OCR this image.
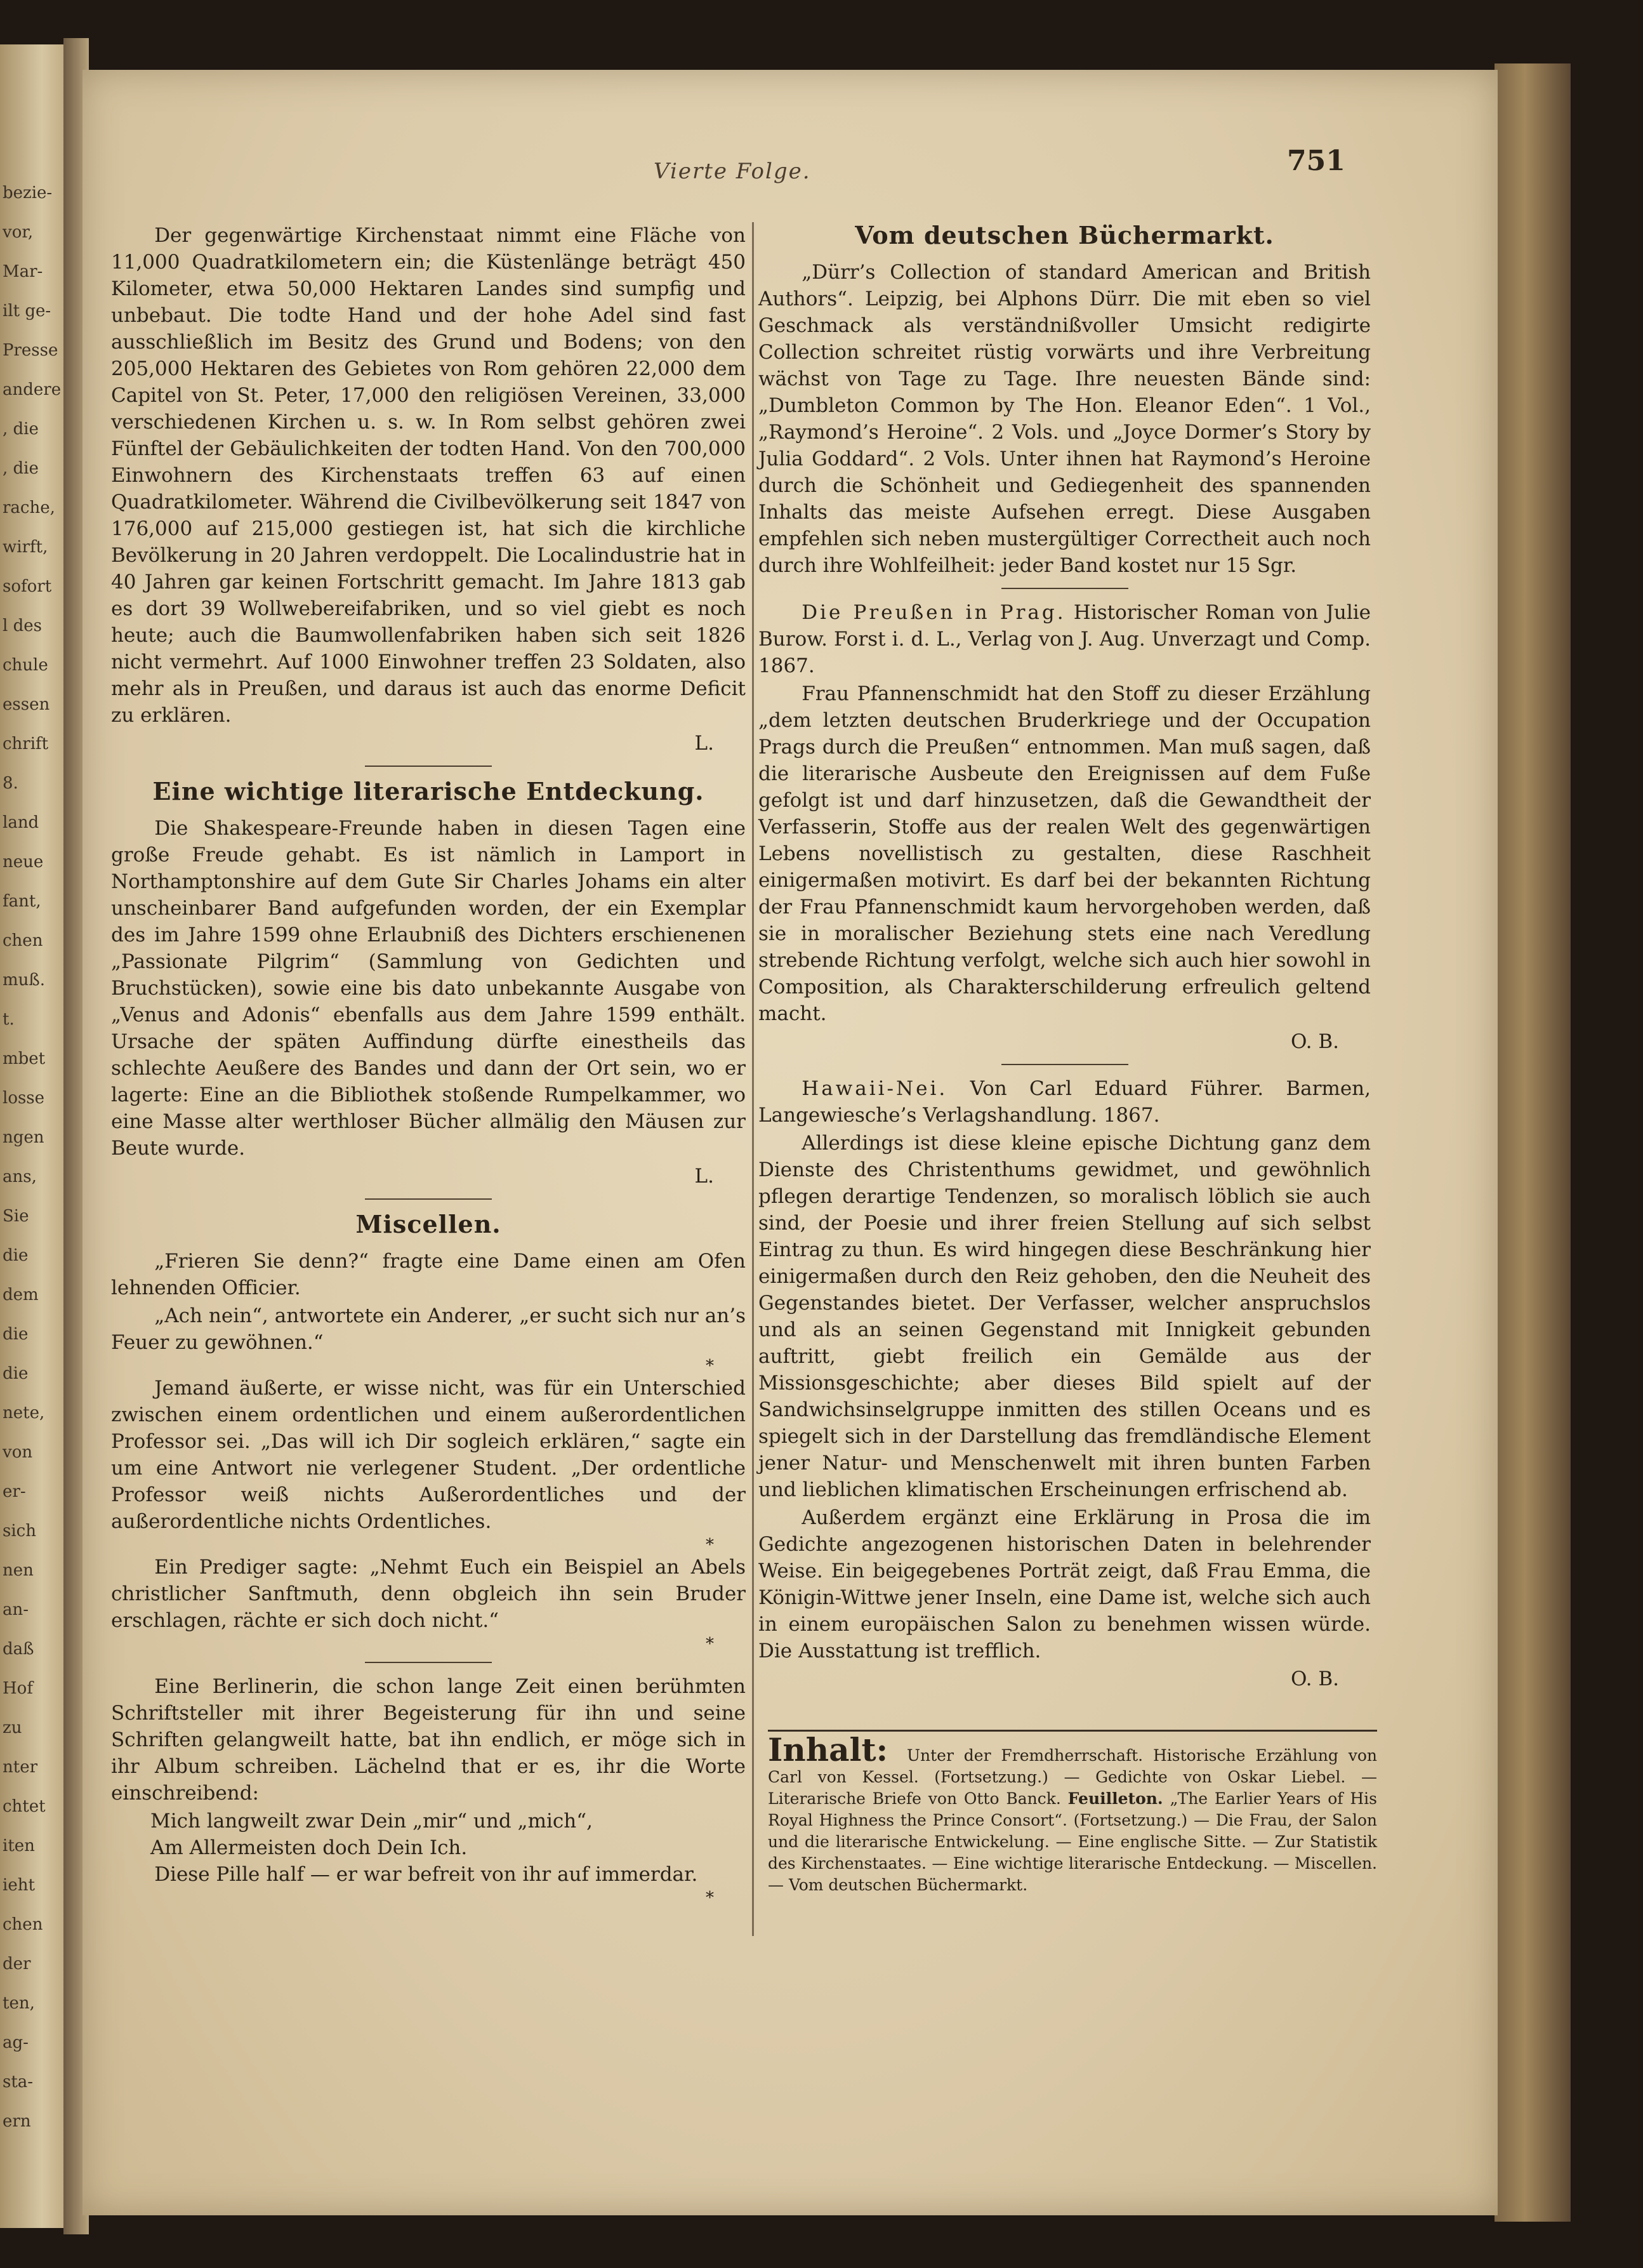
bezie-
vor,
Mar-
ilt ge-
Presse
andere
, die
, die
rache,
wirft,
sofort
l des
chule
essen
chrift
8.
land
neue
fant,
chen
muß.
t.
mbet
losse
ngen
ans,
Sie
die
dem
die
die
nete,
von
er-
sich
nen
an-
daß
Hof
zu
nter
chtet
iten
ieht
chen
der
ten,
ag-
sta-
ern
Vierte Folge.	751

Der gegenwärtige Kirchenstaat nimmt eine Fläche von 11,000 Quadratkilometern ein; die Küstenlänge beträgt 450 Kilometer, etwa 50,000 Hektaren Landes sind sumpfig und unbebaut. Die todte Hand und der hohe Adel sind fast ausschließlich im Besitz des Grund und Bodens; von den 205,000 Hektaren des Gebietes von Rom gehören 22,000 dem Capitel von St. Peter, 17,000 den religiösen Vereinen, 33,000 verschiedenen Kirchen u. s. w. In Rom selbst gehören zwei Fünftel der Gebäulichkeiten der todten Hand. Von den 700,000 Einwohnern des Kirchenstaats treffen 63 auf einen Quadratkilometer. Während die Civilbevölkerung seit 1847 von 176,000 auf 215,000 gestiegen ist, hat sich die kirchliche Bevölkerung in 20 Jahren verdoppelt. Die Localindustrie hat in 40 Jahren gar keinen Fortschritt gemacht. Im Jahre 1813 gab es dort 39 Wollwebereifabriken, und so viel giebt es noch heute; auch die Baumwollenfabriken haben sich seit 1826 nicht vermehrt. Auf 1000 Einwohner treffen 23 Soldaten, also mehr als in Preußen, und daraus ist auch das enorme Deficit zu erklären.

L.

Eine wichtige literarische Entdeckung.

Die Shakespeare-Freunde haben in diesen Tagen eine große Freude gehabt. Es ist nämlich in Lamport in Northamptonshire auf dem Gute Sir Charles Johams ein alter unscheinbarer Band aufgefunden worden, der ein Exemplar des im Jahre 1599 ohne Erlaubniß des Dichters erschienenen „Passionate Pilgrim“ (Sammlung von Gedichten und Bruchstücken), sowie eine bis dato unbekannte Ausgabe von „Venus and Adonis“ ebenfalls aus dem Jahre 1599 enthält. Ursache der späten Auffindung dürfte einestheils das schlechte Aeußere des Bandes und dann der Ort sein, wo er lagerte: Eine an die Bibliothek stoßende Rumpelkammer, wo eine Masse alter werthloser Bücher allmälig den Mäusen zur Beute wurde.

L.

Miscellen.

„Frieren Sie denn?“ fragte eine Dame einen am Ofen lehnenden Officier.

„Ach nein“, antwortete ein Anderer, „er sucht sich nur an’s Feuer zu gewöhnen.“

*

Jemand äußerte, er wisse nicht, was für ein Unterschied zwischen einem ordentlichen und einem außerordentlichen Professor sei. „Das will ich Dir sogleich erklären,“ sagte ein um eine Antwort nie verlegener Student. „Der ordentliche Professor weiß nichts Außerordentliches und der außerordentliche nichts Ordentliches.

*

Ein Prediger sagte: „Nehmt Euch ein Beispiel an Abels christlicher Sanftmuth, denn obgleich ihn sein Bruder erschlagen, rächte er sich doch nicht.“

*

Eine Berlinerin, die schon lange Zeit einen berühmten Schriftsteller mit ihrer Begeisterung für ihn und seine Schriften gelangweilt hatte, bat ihn endlich, er möge sich in ihr Album schreiben. Lächelnd that er es, ihr die Worte einschreibend:

Mich langweilt zwar Dein „mir“ und „mich“,

Am Allermeisten doch Dein Ich.

Diese Pille half — er war befreit von ihr auf immerdar.

*

Vom deutschen Büchermarkt.

„Dürr’s Collection of standard American and British Authors“. Leipzig, bei Alphons Dürr. Die mit eben so viel Geschmack als verständnißvoller Umsicht redigirte Collection schreitet rüstig vorwärts und ihre Verbreitung wächst von Tage zu Tage. Ihre neuesten Bände sind: „Dumbleton Common by The Hon. Eleanor Eden“. 1 Vol., „Raymond’s Heroine“. 2 Vols. und „Joyce Dormer’s Story by Julia Goddard“. 2 Vols. Unter ihnen hat Raymond’s Heroine durch die Schönheit und Gediegenheit des spannenden Inhalts das meiste Aufsehen erregt. Diese Ausgaben empfehlen sich neben mustergültiger Correctheit auch noch durch ihre Wohlfeilheit: jeder Band kostet nur 15 Sgr.

Die Preußen in Prag. Historischer Roman von Julie Burow. Forst i. d. L., Verlag von J. Aug. Unverzagt und Comp. 1867.

Frau Pfannenschmidt hat den Stoff zu dieser Erzählung „dem letzten deutschen Bruderkriege und der Occupation Prags durch die Preußen“ entnommen. Man muß sagen, daß die literarische Ausbeute den Ereignissen auf dem Fuße gefolgt ist und darf hinzusetzen, daß die Gewandtheit der Verfasserin, Stoffe aus der realen Welt des gegenwärtigen Lebens novellistisch zu gestalten, diese Raschheit einigermaßen motivirt. Es darf bei der bekannten Richtung der Frau Pfannenschmidt kaum hervorgehoben werden, daß sie in moralischer Beziehung stets eine nach Veredlung strebende Richtung verfolgt, welche sich auch hier sowohl in Composition, als Charakterschilderung erfreulich geltend macht.

O. B.

Hawaii-Nei. Von Carl Eduard Führer. Barmen, Langewiesche’s Verlagshandlung. 1867.

Allerdings ist diese kleine epische Dichtung ganz dem Dienste des Christenthums gewidmet, und gewöhnlich pflegen derartige Tendenzen, so moralisch löblich sie auch sind, der Poesie und ihrer freien Stellung auf sich selbst Eintrag zu thun. Es wird hingegen diese Beschränkung hier einigermaßen durch den Reiz gehoben, den die Neuheit des Gegenstandes bietet. Der Verfasser, welcher anspruchslos und als an seinen Gegenstand mit Innigkeit gebunden auftritt, giebt freilich ein Gemälde aus der Missionsgeschichte; aber dieses Bild spielt auf der Sandwichsinselgruppe inmitten des stillen Oceans und es spiegelt sich in der Darstellung das fremdländische Element jener Natur- und Menschenwelt mit ihren bunten Farben und lieblichen klimatischen Erscheinungen erfrischend ab.

Außerdem ergänzt eine Erklärung in Prosa die im Gedichte angezogenen historischen Daten in belehrender Weise. Ein beigegebenes Porträt zeigt, daß Frau Emma, die Königin-Wittwe jener Inseln, eine Dame ist, welche sich auch in einem europäischen Salon zu benehmen wissen würde. Die Ausstattung ist trefflich.

O. B.

Inhalt: Unter der Fremdherrschaft. Historische Erzählung von Carl von Kessel. (Fortsetzung.) — Gedichte von Oskar Liebel. — Literarische Briefe von Otto Banck. Feuilleton. „The Earlier Years of His Royal Highness the Prince Consort“. (Fortsetzung.) — Die Frau, der Salon und die literarische Entwickelung. — Eine englische Sitte. — Zur Statistik des Kirchenstaates. — Eine wichtige literarische Entdeckung. — Miscellen. — Vom deutschen Büchermarkt.
